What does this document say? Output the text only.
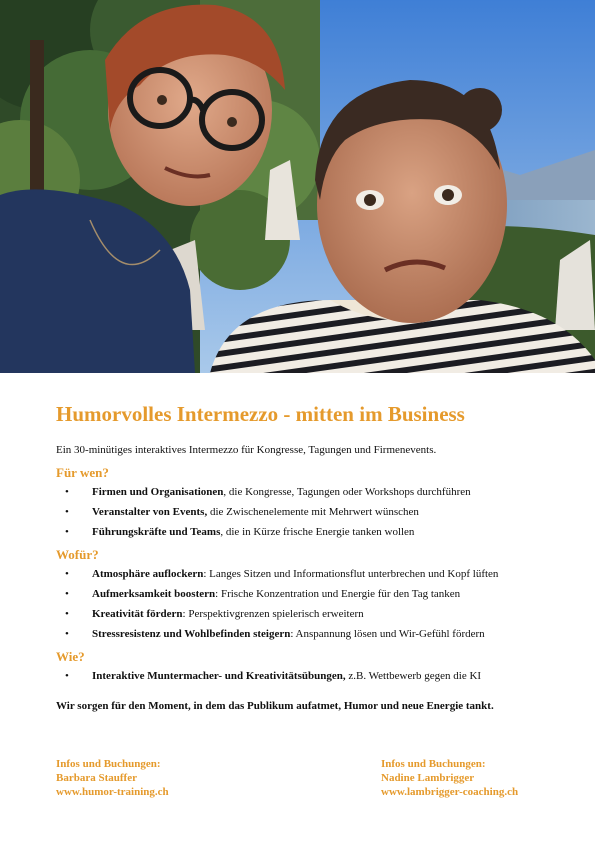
Humorvolles Intermezzo - mitten im Business
Ein 30-minütiges interaktives Intermezzo für Kongresse, Tagungen und Firmenevents.
Für wen?
• Firmen und Organisationen, die Kongresse, Tagungen oder Workshops durchführen
• Veranstalter von Events, die Zwischenelemente mit Mehrwert wünschen
• Führungskräfte und Teams, die in Kürze frische Energie tanken wollen
Wofür?
• Atmosphäre auflockern: Langes Sitzen und Informationsflut unterbrechen und Kopf lüften
• Aufmerksamkeit boostern: Frische Konzentration und Energie für den Tag tanken
• Kreativität fördern: Perspektivgrenzen spielerisch erweitern
• Stressresistenz und Wohlbefinden steigern: Anspannung lösen und Wir-Gefühl fördern
Wie?
• Interaktive Muntermacher- und Kreativitätsübungen, z.B. Wettbewerb gegen die KI
Wir sorgen für den Moment, in dem das Publikum aufatmet, Humor und neue Energie tankt.
Infos und Buchungen:
Barbara Stauffer
www.humor-training.ch
Infos und Buchungen:
Nadine Lambrigger
www.lambrigger-coaching.ch
